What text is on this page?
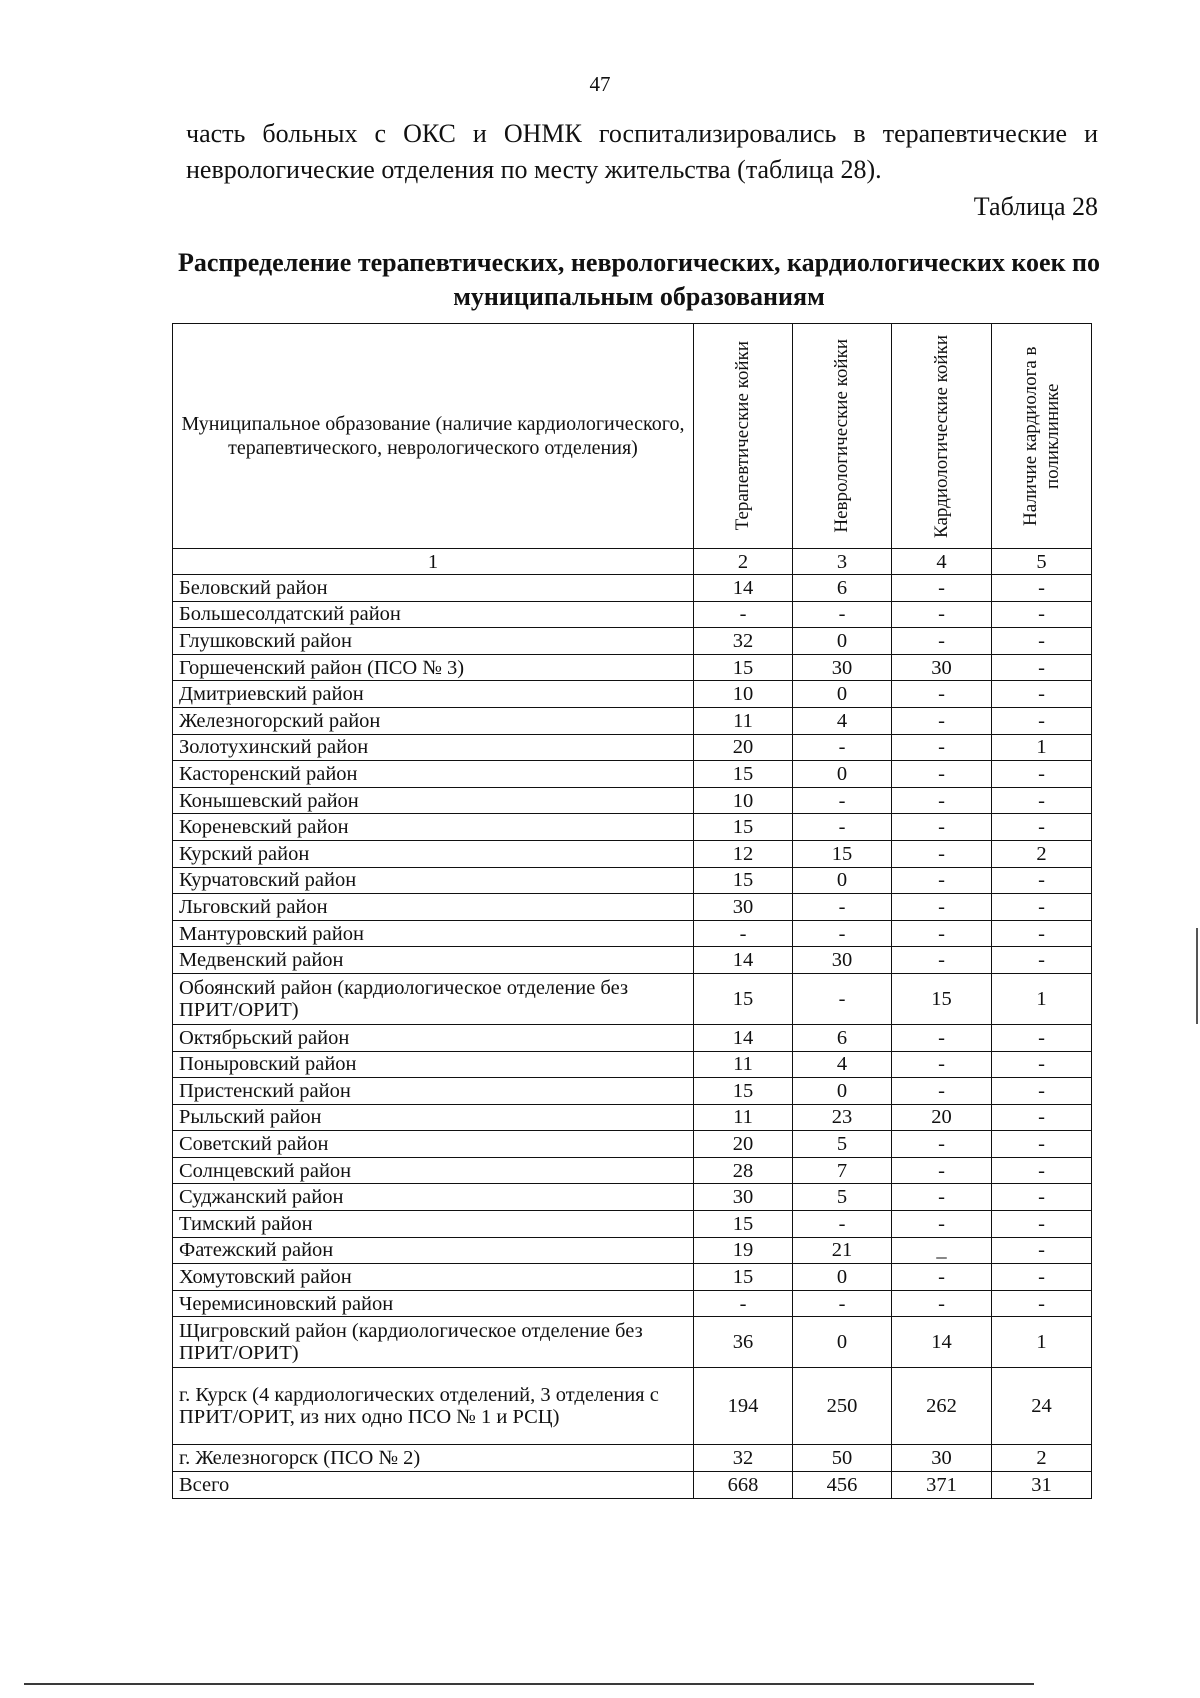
47

часть больных с ОКС и ОНМК госпитализировались в терапевтические и неврологические отделения по месту жительства (таблица 28).

Таблица 28
Распределение терапевтических, неврологических, кардиологических коек по муниципальным образованиям
Муниципальное образование (наличие кардиологического, терапевтического, неврологического отделения)	Терапевтические койки	Неврологические койки	Кардиологические койки	Наличие кардиолога в поликлинике

1	2	3	4	5
Беловский район	14	6	-	-
Большесолдатский район	-	-	-	-
Глушковский район	32	0	-	-
Горшеченский район (ПСО № 3)	15	30	30	-
Дмитриевский район	10	0	-	-
Железногорский район	11	4	-	-
Золотухинский район	20	-	-	1
Касторенский район	15	0	-	-
Конышевский район	10	-	-	-
Кореневский район	15	-	-	-
Курский район	12	15	-	2
Курчатовский район	15	0	-	-
Льговский район	30	-	-	-
Мантуровский район	-	-	-	-
Медвенский район	14	30	-	-
Обоянский район (кардиологическое отделение без ПРИТ/ОРИТ)	15	-	15	1
Октябрьский район	14	6	-	-
Поныровский район	11	4	-	-
Пристенский район	15	0	-	-
Рыльский район	11	23	20	-
Советский район	20	5	-	-
Солнцевский район	28	7	-	-
Суджанский район	30	5	-	-
Тимский район	15	-	-	-
Фатежский район	19	21	_	-
Хомутовский район	15	0	-	-
Черемисиновский район	-	-	-	-
Щигровский район (кардиологическое отделение без ПРИТ/ОРИТ)	36	0	14	1
г. Курск (4 кардиологических отделений, 3 отделения с ПРИТ/ОРИТ, из них одно ПСО № 1 и РСЦ)	194	250	262	24
г. Железногорск (ПСО № 2)	32	50	30	2
Всего	668	456	371	31
